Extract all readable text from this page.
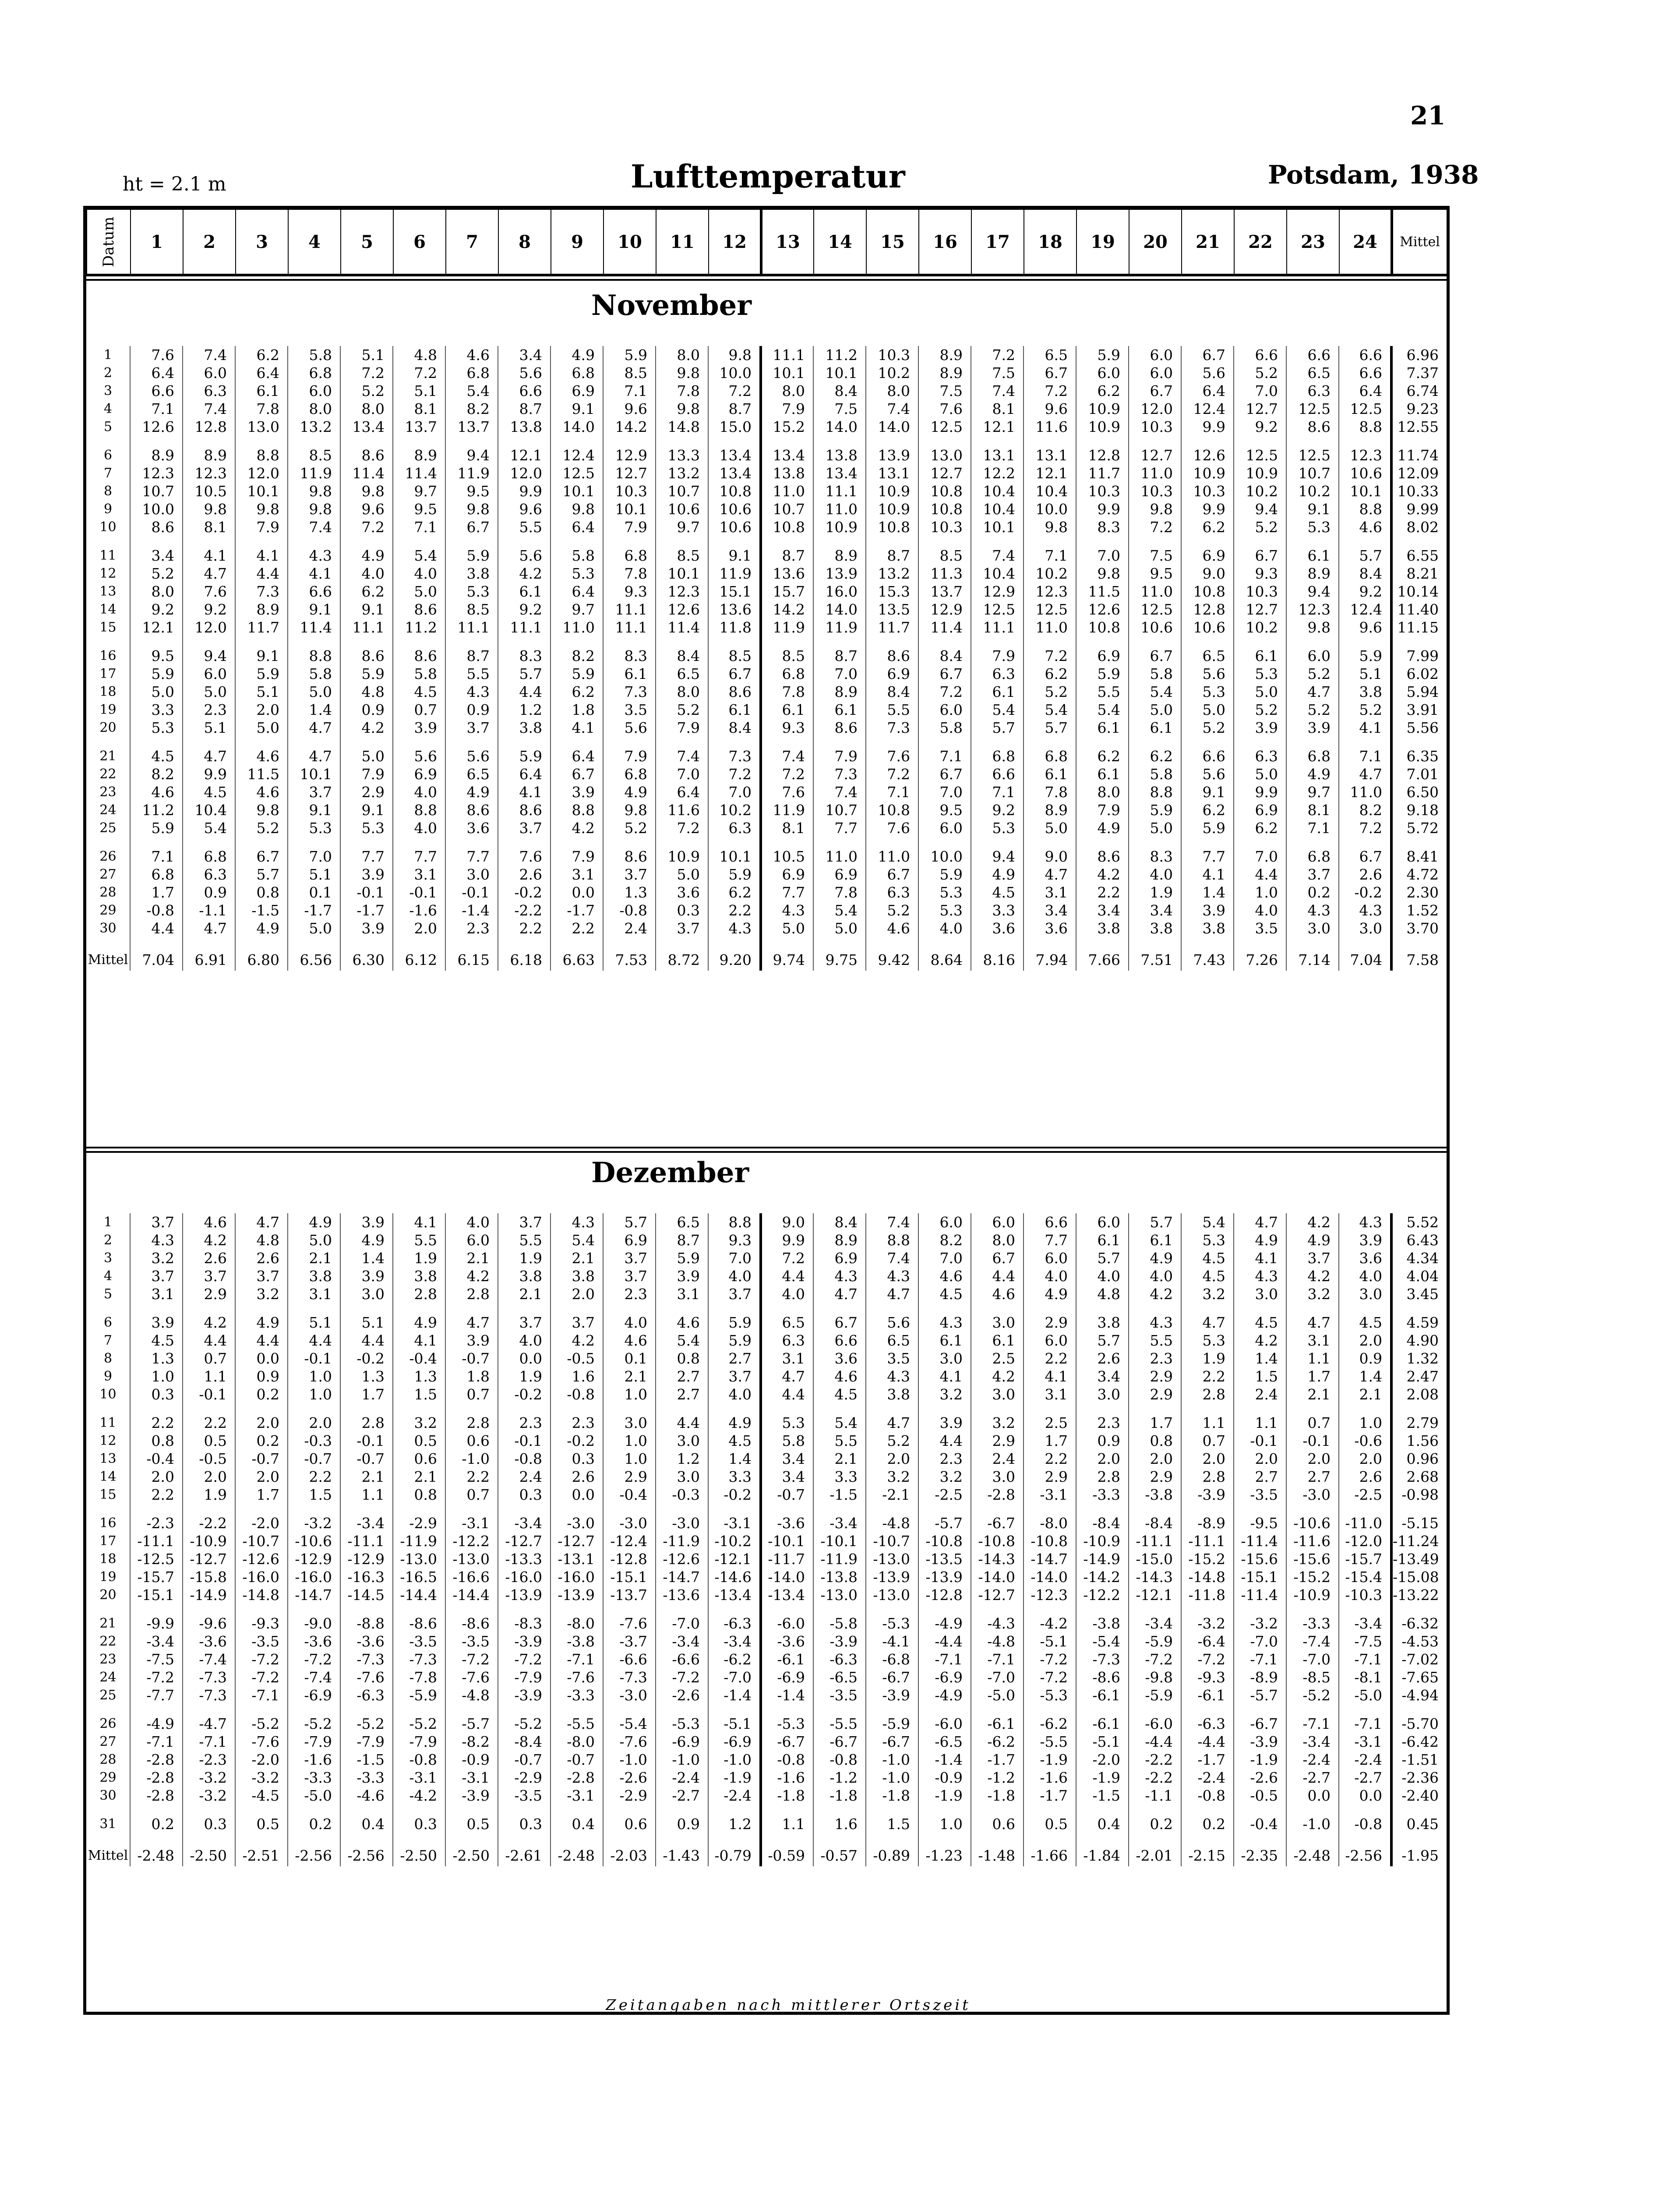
21
ht = 2.1 m	Lufttemperatur	Potsdam, 1938
Datum	1	2	3	4	5	6	7	8	9	10	11	12	13	14	15	16	17	18	19	20	21	22	23	24	Mittel
November
1	7.6	7.4	6.2	5.8	5.1	4.8	4.6	3.4	4.9	5.9	8.0	9.8	11.1	11.2	10.3	8.9	7.2	6.5	5.9	6.0	6.7	6.6	6.6	6.6	6.96
2	6.4	6.0	6.4	6.8	7.2	7.2	6.8	5.6	6.8	8.5	9.8	10.0	10.1	10.1	10.2	8.9	7.5	6.7	6.0	6.0	5.6	5.2	6.5	6.6	7.37
3	6.6	6.3	6.1	6.0	5.2	5.1	5.4	6.6	6.9	7.1	7.8	7.2	8.0	8.4	8.0	7.5	7.4	7.2	6.2	6.7	6.4	7.0	6.3	6.4	6.74
4	7.1	7.4	7.8	8.0	8.0	8.1	8.2	8.7	9.1	9.6	9.8	8.7	7.9	7.5	7.4	7.6	8.1	9.6	10.9	12.0	12.4	12.7	12.5	12.5	9.23
5	12.6	12.8	13.0	13.2	13.4	13.7	13.7	13.8	14.0	14.2	14.8	15.0	15.2	14.0	14.0	12.5	12.1	11.6	10.9	10.3	9.9	9.2	8.6	8.8	12.55
6	8.9	8.9	8.8	8.5	8.6	8.9	9.4	12.1	12.4	12.9	13.3	13.4	13.4	13.8	13.9	13.0	13.1	13.1	12.8	12.7	12.6	12.5	12.5	12.3	11.74
7	12.3	12.3	12.0	11.9	11.4	11.4	11.9	12.0	12.5	12.7	13.2	13.4	13.8	13.4	13.1	12.7	12.2	12.1	11.7	11.0	10.9	10.9	10.7	10.6	12.09
8	10.7	10.5	10.1	9.8	9.8	9.7	9.5	9.9	10.1	10.3	10.7	10.8	11.0	11.1	10.9	10.8	10.4	10.4	10.3	10.3	10.3	10.2	10.2	10.1	10.33
9	10.0	9.8	9.8	9.8	9.6	9.5	9.8	9.6	9.8	10.1	10.6	10.6	10.7	11.0	10.9	10.8	10.4	10.0	9.9	9.8	9.9	9.4	9.1	8.8	9.99
10	8.6	8.1	7.9	7.4	7.2	7.1	6.7	5.5	6.4	7.9	9.7	10.6	10.8	10.9	10.8	10.3	10.1	9.8	8.3	7.2	6.2	5.2	5.3	4.6	8.02
11	3.4	4.1	4.1	4.3	4.9	5.4	5.9	5.6	5.8	6.8	8.5	9.1	8.7	8.9	8.7	8.5	7.4	7.1	7.0	7.5	6.9	6.7	6.1	5.7	6.55
12	5.2	4.7	4.4	4.1	4.0	4.0	3.8	4.2	5.3	7.8	10.1	11.9	13.6	13.9	13.2	11.3	10.4	10.2	9.8	9.5	9.0	9.3	8.9	8.4	8.21
13	8.0	7.6	7.3	6.6	6.2	5.0	5.3	6.1	6.4	9.3	12.3	15.1	15.7	16.0	15.3	13.7	12.9	12.3	11.5	11.0	10.8	10.3	9.4	9.2	10.14
14	9.2	9.2	8.9	9.1	9.1	8.6	8.5	9.2	9.7	11.1	12.6	13.6	14.2	14.0	13.5	12.9	12.5	12.5	12.6	12.5	12.8	12.7	12.3	12.4	11.40
15	12.1	12.0	11.7	11.4	11.1	11.2	11.1	11.1	11.0	11.1	11.4	11.8	11.9	11.9	11.7	11.4	11.1	11.0	10.8	10.6	10.6	10.2	9.8	9.6	11.15
16	9.5	9.4	9.1	8.8	8.6	8.6	8.7	8.3	8.2	8.3	8.4	8.5	8.5	8.7	8.6	8.4	7.9	7.2	6.9	6.7	6.5	6.1	6.0	5.9	7.99
17	5.9	6.0	5.9	5.8	5.9	5.8	5.5	5.7	5.9	6.1	6.5	6.7	6.8	7.0	6.9	6.7	6.3	6.2	5.9	5.8	5.6	5.3	5.2	5.1	6.02
18	5.0	5.0	5.1	5.0	4.8	4.5	4.3	4.4	6.2	7.3	8.0	8.6	7.8	8.9	8.4	7.2	6.1	5.2	5.5	5.4	5.3	5.0	4.7	3.8	5.94
19	3.3	2.3	2.0	1.4	0.9	0.7	0.9	1.2	1.8	3.5	5.2	6.1	6.1	6.1	5.5	6.0	5.4	5.4	5.4	5.0	5.0	5.2	5.2	5.2	3.91
20	5.3	5.1	5.0	4.7	4.2	3.9	3.7	3.8	4.1	5.6	7.9	8.4	9.3	8.6	7.3	5.8	5.7	5.7	6.1	6.1	5.2	3.9	3.9	4.1	5.56
21	4.5	4.7	4.6	4.7	5.0	5.6	5.6	5.9	6.4	7.9	7.4	7.3	7.4	7.9	7.6	7.1	6.8	6.8	6.2	6.2	6.6	6.3	6.8	7.1	6.35
22	8.2	9.9	11.5	10.1	7.9	6.9	6.5	6.4	6.7	6.8	7.0	7.2	7.2	7.3	7.2	6.7	6.6	6.1	6.1	5.8	5.6	5.0	4.9	4.7	7.01
23	4.6	4.5	4.6	3.7	2.9	4.0	4.9	4.1	3.9	4.9	6.4	7.0	7.6	7.4	7.1	7.0	7.1	7.8	8.0	8.8	9.1	9.9	9.7	11.0	6.50
24	11.2	10.4	9.8	9.1	9.1	8.8	8.6	8.6	8.8	9.8	11.6	10.2	11.9	10.7	10.8	9.5	9.2	8.9	7.9	5.9	6.2	6.9	8.1	8.2	9.18
25	5.9	5.4	5.2	5.3	5.3	4.0	3.6	3.7	4.2	5.2	7.2	6.3	8.1	7.7	7.6	6.0	5.3	5.0	4.9	5.0	5.9	6.2	7.1	7.2	5.72
26	7.1	6.8	6.7	7.0	7.7	7.7	7.7	7.6	7.9	8.6	10.9	10.1	10.5	11.0	11.0	10.0	9.4	9.0	8.6	8.3	7.7	7.0	6.8	6.7	8.41
27	6.8	6.3	5.7	5.1	3.9	3.1	3.0	2.6	3.1	3.7	5.0	5.9	6.9	6.9	6.7	5.9	4.9	4.7	4.2	4.0	4.1	4.4	3.7	2.6	4.72
28	1.7	0.9	0.8	0.1	-0.1	-0.1	-0.1	-0.2	0.0	1.3	3.6	6.2	7.7	7.8	6.3	5.3	4.5	3.1	2.2	1.9	1.4	1.0	0.2	-0.2	2.30
29	-0.8	-1.1	-1.5	-1.7	-1.7	-1.6	-1.4	-2.2	-1.7	-0.8	0.3	2.2	4.3	5.4	5.2	5.3	3.3	3.4	3.4	3.4	3.9	4.0	4.3	4.3	1.52
30	4.4	4.7	4.9	5.0	3.9	2.0	2.3	2.2	2.2	2.4	3.7	4.3	5.0	5.0	4.6	4.0	3.6	3.6	3.8	3.8	3.8	3.5	3.0	3.0	3.70
Mittel	7.04	6.91	6.80	6.56	6.30	6.12	6.15	6.18	6.63	7.53	8.72	9.20	9.74	9.75	9.42	8.64	8.16	7.94	7.66	7.51	7.43	7.26	7.14	7.04	7.58
Dezember
1	3.7	4.6	4.7	4.9	3.9	4.1	4.0	3.7	4.3	5.7	6.5	8.8	9.0	8.4	7.4	6.0	6.0	6.6	6.0	5.7	5.4	4.7	4.2	4.3	5.52
2	4.3	4.2	4.8	5.0	4.9	5.5	6.0	5.5	5.4	6.9	8.7	9.3	9.9	8.9	8.8	8.2	8.0	7.7	6.1	6.1	5.3	4.9	4.9	3.9	6.43
3	3.2	2.6	2.6	2.1	1.4	1.9	2.1	1.9	2.1	3.7	5.9	7.0	7.2	6.9	7.4	7.0	6.7	6.0	5.7	4.9	4.5	4.1	3.7	3.6	4.34
4	3.7	3.7	3.7	3.8	3.9	3.8	4.2	3.8	3.8	3.7	3.9	4.0	4.4	4.3	4.3	4.6	4.4	4.0	4.0	4.0	4.5	4.3	4.2	4.0	4.04
5	3.1	2.9	3.2	3.1	3.0	2.8	2.8	2.1	2.0	2.3	3.1	3.7	4.0	4.7	4.7	4.5	4.6	4.9	4.8	4.2	3.2	3.0	3.2	3.0	3.45
6	3.9	4.2	4.9	5.1	5.1	4.9	4.7	3.7	3.7	4.0	4.6	5.9	6.5	6.7	5.6	4.3	3.0	2.9	3.8	4.3	4.7	4.5	4.7	4.5	4.59
7	4.5	4.4	4.4	4.4	4.4	4.1	3.9	4.0	4.2	4.6	5.4	5.9	6.3	6.6	6.5	6.1	6.1	6.0	5.7	5.5	5.3	4.2	3.1	2.0	4.90
8	1.3	0.7	0.0	-0.1	-0.2	-0.4	-0.7	0.0	-0.5	0.1	0.8	2.7	3.1	3.6	3.5	3.0	2.5	2.2	2.6	2.3	1.9	1.4	1.1	0.9	1.32
9	1.0	1.1	0.9	1.0	1.3	1.3	1.8	1.9	1.6	2.1	2.7	3.7	4.7	4.6	4.3	4.1	4.2	4.1	3.4	2.9	2.2	1.5	1.7	1.4	2.47
10	0.3	-0.1	0.2	1.0	1.7	1.5	0.7	-0.2	-0.8	1.0	2.7	4.0	4.4	4.5	3.8	3.2	3.0	3.1	3.0	2.9	2.8	2.4	2.1	2.1	2.08
11	2.2	2.2	2.0	2.0	2.8	3.2	2.8	2.3	2.3	3.0	4.4	4.9	5.3	5.4	4.7	3.9	3.2	2.5	2.3	1.7	1.1	1.1	0.7	1.0	2.79
12	0.8	0.5	0.2	-0.3	-0.1	0.5	0.6	-0.1	-0.2	1.0	3.0	4.5	5.8	5.5	5.2	4.4	2.9	1.7	0.9	0.8	0.7	-0.1	-0.1	-0.6	1.56
13	-0.4	-0.5	-0.7	-0.7	-0.7	0.6	-1.0	-0.8	0.3	1.0	1.2	1.4	3.4	2.1	2.0	2.3	2.4	2.2	2.0	2.0	2.0	2.0	2.0	2.0	0.96
14	2.0	2.0	2.0	2.2	2.1	2.1	2.2	2.4	2.6	2.9	3.0	3.3	3.4	3.3	3.2	3.2	3.0	2.9	2.8	2.9	2.8	2.7	2.7	2.6	2.68
15	2.2	1.9	1.7	1.5	1.1	0.8	0.7	0.3	0.0	-0.4	-0.3	-0.2	-0.7	-1.5	-2.1	-2.5	-2.8	-3.1	-3.3	-3.8	-3.9	-3.5	-3.0	-2.5	-0.98
16	-2.3	-2.2	-2.0	-3.2	-3.4	-2.9	-3.1	-3.4	-3.0	-3.0	-3.0	-3.1	-3.6	-3.4	-4.8	-5.7	-6.7	-8.0	-8.4	-8.4	-8.9	-9.5	-10.6	-11.0	-5.15
17	-11.1	-10.9	-10.7	-10.6	-11.1	-11.9	-12.2	-12.7	-12.7	-12.4	-11.9	-10.2	-10.1	-10.1	-10.7	-10.8	-10.8	-10.8	-10.9	-11.1	-11.1	-11.4	-11.6	-12.0	-11.24
18	-12.5	-12.7	-12.6	-12.9	-12.9	-13.0	-13.0	-13.3	-13.1	-12.8	-12.6	-12.1	-11.7	-11.9	-13.0	-13.5	-14.3	-14.7	-14.9	-15.0	-15.2	-15.6	-15.6	-15.7	-13.49
19	-15.7	-15.8	-16.0	-16.0	-16.3	-16.5	-16.6	-16.0	-16.0	-15.1	-14.7	-14.6	-14.0	-13.8	-13.9	-13.9	-14.0	-14.0	-14.2	-14.3	-14.8	-15.1	-15.2	-15.4	-15.08
20	-15.1	-14.9	-14.8	-14.7	-14.5	-14.4	-14.4	-13.9	-13.9	-13.7	-13.6	-13.4	-13.4	-13.0	-13.0	-12.8	-12.7	-12.3	-12.2	-12.1	-11.8	-11.4	-10.9	-10.3	-13.22
21	-9.9	-9.6	-9.3	-9.0	-8.8	-8.6	-8.6	-8.3	-8.0	-7.6	-7.0	-6.3	-6.0	-5.8	-5.3	-4.9	-4.3	-4.2	-3.8	-3.4	-3.2	-3.2	-3.3	-3.4	-6.32
22	-3.4	-3.6	-3.5	-3.6	-3.6	-3.5	-3.5	-3.9	-3.8	-3.7	-3.4	-3.4	-3.6	-3.9	-4.1	-4.4	-4.8	-5.1	-5.4	-5.9	-6.4	-7.0	-7.4	-7.5	-4.53
23	-7.5	-7.4	-7.2	-7.2	-7.3	-7.3	-7.2	-7.2	-7.1	-6.6	-6.6	-6.2	-6.1	-6.3	-6.8	-7.1	-7.1	-7.2	-7.3	-7.2	-7.2	-7.1	-7.0	-7.1	-7.02
24	-7.2	-7.3	-7.2	-7.4	-7.6	-7.8	-7.6	-7.9	-7.6	-7.3	-7.2	-7.0	-6.9	-6.5	-6.7	-6.9	-7.0	-7.2	-8.6	-9.8	-9.3	-8.9	-8.5	-8.1	-7.65
25	-7.7	-7.3	-7.1	-6.9	-6.3	-5.9	-4.8	-3.9	-3.3	-3.0	-2.6	-1.4	-1.4	-3.5	-3.9	-4.9	-5.0	-5.3	-6.1	-5.9	-6.1	-5.7	-5.2	-5.0	-4.94
26	-4.9	-4.7	-5.2	-5.2	-5.2	-5.2	-5.7	-5.2	-5.5	-5.4	-5.3	-5.1	-5.3	-5.5	-5.9	-6.0	-6.1	-6.2	-6.1	-6.0	-6.3	-6.7	-7.1	-7.1	-5.70
27	-7.1	-7.1	-7.6	-7.9	-7.9	-7.9	-8.2	-8.4	-8.0	-7.6	-6.9	-6.9	-6.7	-6.7	-6.7	-6.5	-6.2	-5.5	-5.1	-4.4	-4.4	-3.9	-3.4	-3.1	-6.42
28	-2.8	-2.3	-2.0	-1.6	-1.5	-0.8	-0.9	-0.7	-0.7	-1.0	-1.0	-1.0	-0.8	-0.8	-1.0	-1.4	-1.7	-1.9	-2.0	-2.2	-1.7	-1.9	-2.4	-2.4	-1.51
29	-2.8	-3.2	-3.2	-3.3	-3.3	-3.1	-3.1	-2.9	-2.8	-2.6	-2.4	-1.9	-1.6	-1.2	-1.0	-0.9	-1.2	-1.6	-1.9	-2.2	-2.4	-2.6	-2.7	-2.7	-2.36
30	-2.8	-3.2	-4.5	-5.0	-4.6	-4.2	-3.9	-3.5	-3.1	-2.9	-2.7	-2.4	-1.8	-1.8	-1.8	-1.9	-1.8	-1.7	-1.5	-1.1	-0.8	-0.5	0.0	0.0	-2.40
31	0.2	0.3	0.5	0.2	0.4	0.3	0.5	0.3	0.4	0.6	0.9	1.2	1.1	1.6	1.5	1.0	0.6	0.5	0.4	0.2	0.2	-0.4	-1.0	-0.8	0.45
Mittel	-2.48	-2.50	-2.51	-2.56	-2.56	-2.50	-2.50	-2.61	-2.48	-2.03	-1.43	-0.79	-0.59	-0.57	-0.89	-1.23	-1.48	-1.66	-1.84	-2.01	-2.15	-2.35	-2.48	-2.56	-1.95
Zeitangaben nach mittlerer Ortszeit
